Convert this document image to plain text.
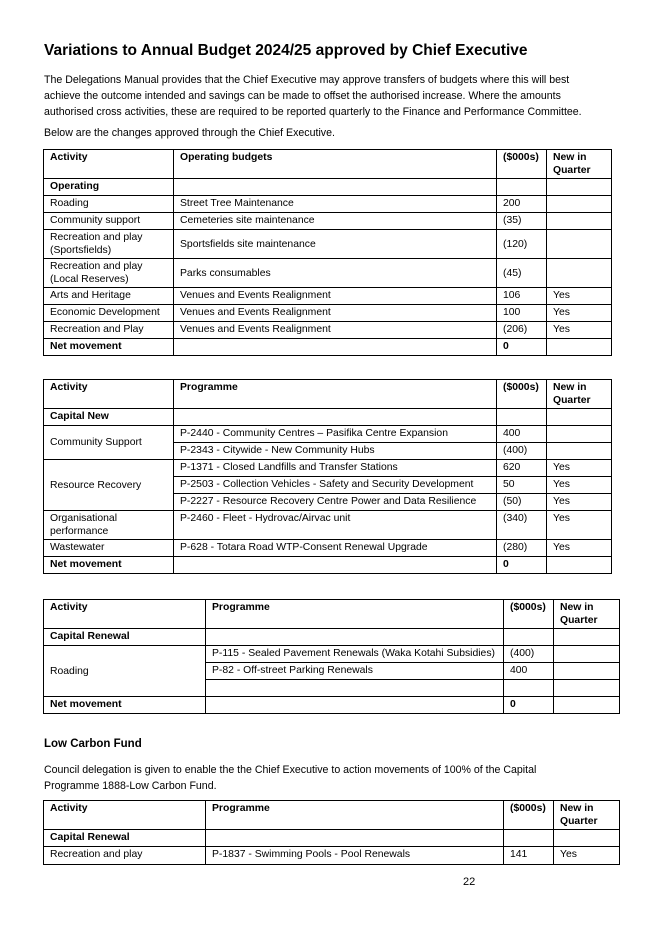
Variations to Annual Budget 2024/25 approved by Chief Executive

The Delegations Manual provides that the Chief Executive may approve transfers of budgets where this will best achieve the outcome intended and savings can be made to offset the authorised increase. Where the amounts authorised cross activities, these are required to be reported quarterly to the Finance and Performance Committee.

Below are the changes approved through the Chief Executive.

Activity	Operating budgets	($000s)	New in Quarter
Operating			
Roading	Street Tree Maintenance	200	
Community support	Cemeteries site maintenance	(35)	
Recreation and play (Sportsfields)	Sportsfields site maintenance	(120)	
Recreation and play (Local Reserves)	Parks consumables	(45)	
Arts and Heritage	Venues and Events Realignment	106	Yes
Economic Development	Venues and Events Realignment	100	Yes
Recreation and Play	Venues and Events Realignment	(206)	Yes
Net movement		0	
Activity	Programme	($000s)	New in Quarter
Capital New			
Community Support	P-2440 - Community Centres – Pasifika Centre Expansion	400	
	P-2343 - Citywide - New Community Hubs	(400)	
Resource Recovery	P-1371 - Closed Landfills and Transfer Stations	620	Yes
	P-2503 - Collection Vehicles - Safety and Security Development	50	Yes
	P-2227 - Resource Recovery Centre Power and Data Resilience	(50)	Yes
Organisational performance	P-2460 - Fleet - Hydrovac/Airvac unit	(340)	Yes
Wastewater	P-628 - Totara Road WTP-Consent Renewal Upgrade	(280)	Yes
Net movement		0	
Activity	Programme	($000s)	New in Quarter
Capital Renewal			
Roading	P-115 - Sealed Pavement Renewals (Waka Kotahi Subsidies)	(400)	
	P-82 - Off-street Parking Renewals	400	

Net movement		0	
Low Carbon Fund

Council delegation is given to enable the the Chief Executive to action movements of 100% of the Capital Programme 1888-Low Carbon Fund.

Activity	Programme	($000s)	New in Quarter
Capital Renewal			
Recreation and play	P-1837 - Swimming Pools - Pool Renewals	141	Yes
22
